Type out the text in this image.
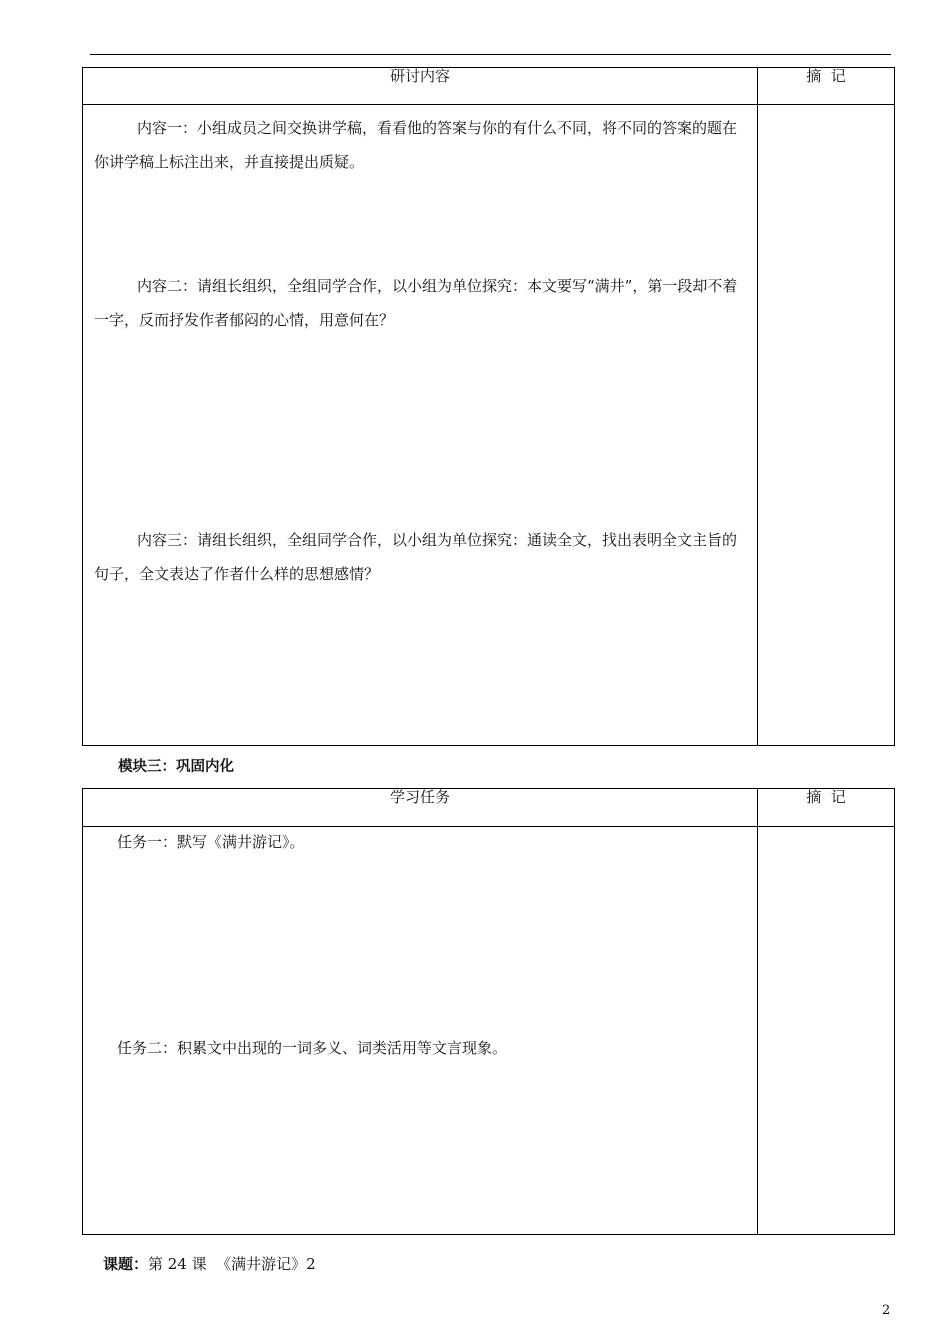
研讨内容	摘  记

内容一：小组成员之间交换讲学稿，看看他的答案与你的有什么不同，将不同的答案的题在你讲学稿上标注出来，并直接提出质疑。

内容二：请组长组织，全组同学合作，以小组为单位探究：本文要写“满井”，第一段却不着一字，反而抒发作者郁闷的心情，用意何在？

内容三：请组长组织，全组同学合作，以小组为单位探究：通读全文，找出表明全文主旨的句子，全文表达了作者什么样的思想感情？	

模块三：巩固内化
学习任务	摘  记

任务一：默写《满井游记》。

任务二：积累文中出现的一词多义、词类活用等文言现象。	

课题：第 24 课  《满井游记》2
2
